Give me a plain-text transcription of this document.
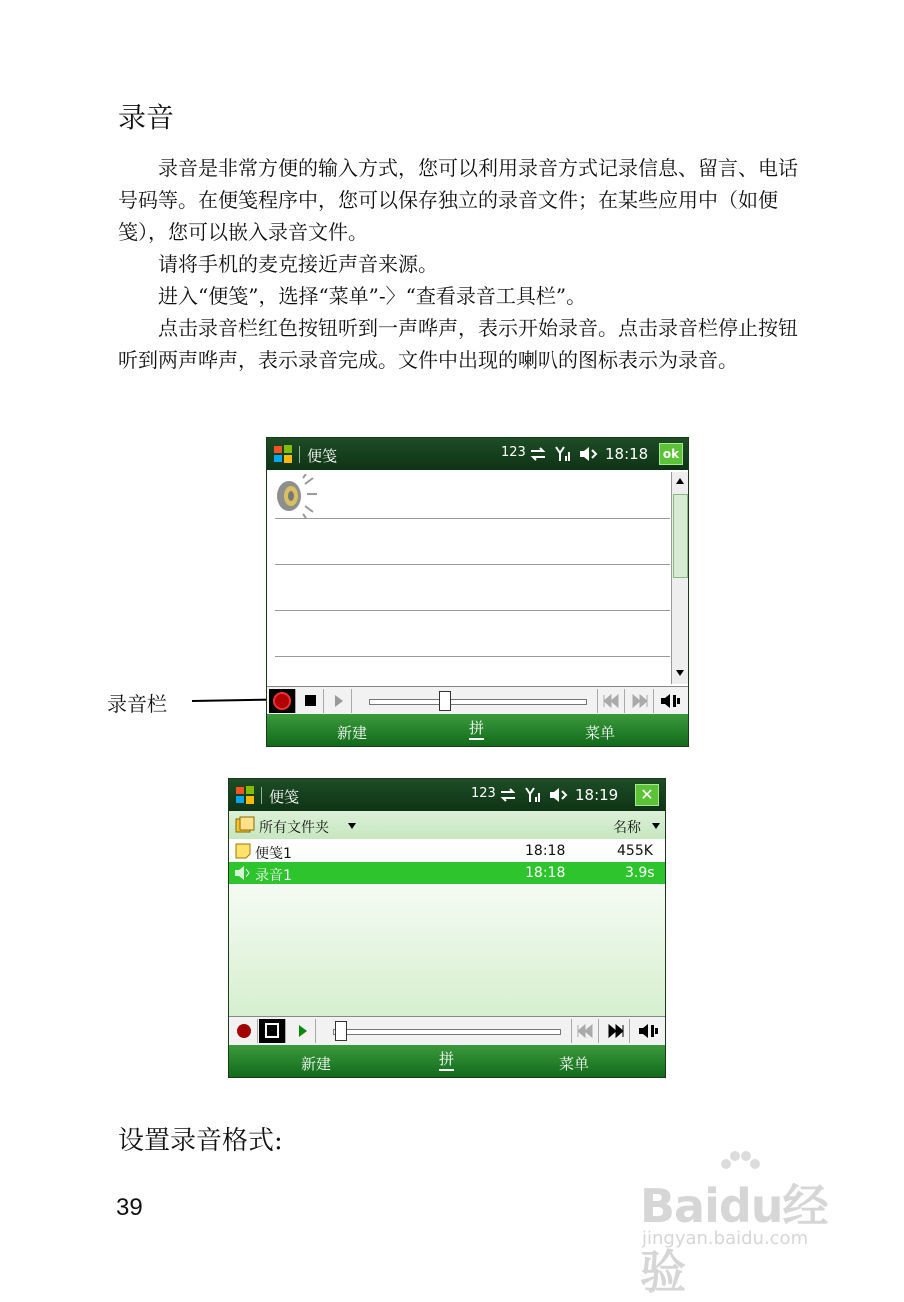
录音
录音是非常方便的输入方式，您可以利用录音方式记录信息、留言、电话号码等。在便笺程序中，您可以保存独立的录音文件；在某些应用中（如便笺），您可以嵌入录音文件。
请将手机的麦克接近声音来源。
进入“便笺”，选择“菜单”-〉“查看录音工具栏”。
点击录音栏红色按钮听到一声哗声，表示开始录音。点击录音栏停止按钮听到两声哗声，表示录音完成。文件中出现的喇叭的图标表示为录音。
录音栏
便笺	123	18:18	ok
新建	拼	菜单
便笺	123	18:19	✕
所有文件夹	名称
便笺1	18:18	455K
录音1	18:18	3.9s
新建	拼	菜单
设置录音格式:
39	Baidu经验
jingyan.baidu.com
